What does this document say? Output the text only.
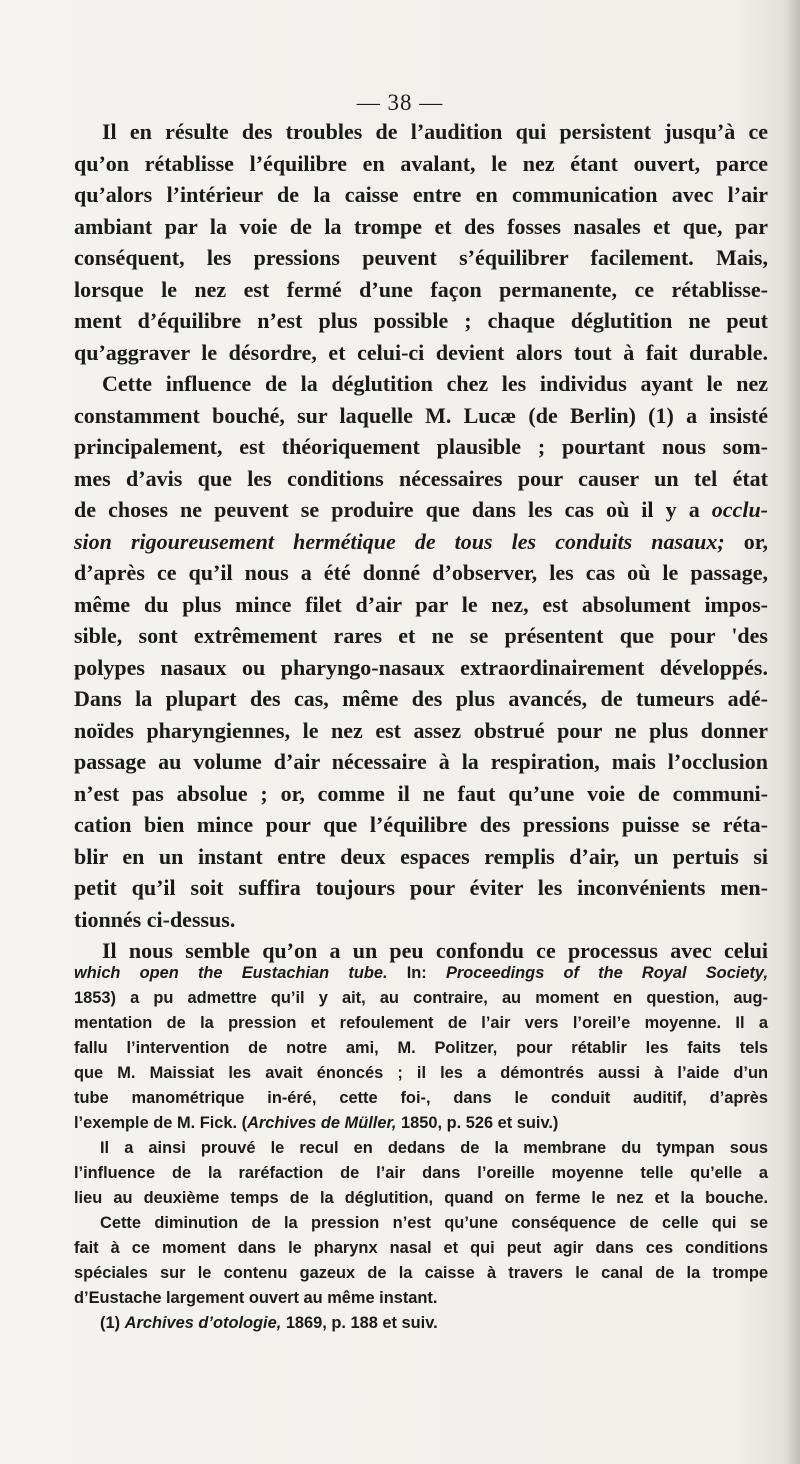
— 38 —
Il en résulte des troubles de l’audition qui persistent jusqu’à ce
qu’on rétablisse l’équilibre en avalant, le nez étant ouvert, parce
qu’alors l’intérieur de la caisse entre en communication avec l’air
ambiant par la voie de la trompe et des fosses nasales et que, par
conséquent, les pressions peuvent s’équilibrer facilement. Mais,
lorsque le nez est fermé d’une façon permanente, ce rétablisse-
ment d’équilibre n’est plus possible ; chaque déglutition ne peut
qu’aggraver le désordre, et celui-ci devient alors tout à fait durable.
Cette influence de la déglutition chez les individus ayant le nez
constamment bouché, sur laquelle M. Lucæ (de Berlin) (1) a insisté
principalement, est théoriquement plausible ; pourtant nous som-
mes d’avis que les conditions nécessaires pour causer un tel état
de choses ne peuvent se produire que dans les cas où il y a occlu-
sion rigoureusement hermétique de tous les conduits nasaux; or,
d’après ce qu’il nous a été donné d’observer, les cas où le passage,
même du plus mince filet d’air par le nez, est absolument impos-
sible, sont extrêmement rares et ne se présentent que pour 'des
polypes nasaux ou pharyngo-nasaux extraordinairement développés.
Dans la plupart des cas, même des plus avancés, de tumeurs adé-
noïdes pharyngiennes, le nez est assez obstrué pour ne plus donner
passage au volume d’air nécessaire à la respiration, mais l’occlusion
n’est pas absolue ; or, comme il ne faut qu’une voie de communi-
cation bien mince pour que l’équilibre des pressions puisse se réta-
blir en un instant entre deux espaces remplis d’air, un pertuis si
petit qu’il soit suffira toujours pour éviter les inconvénients men-
tionnés ci-dessus.
Il nous semble qu’on a un peu confondu ce processus avec celui
which open the Eustachian tube. In: Proceedings of the Royal Society,
1853) a pu admettre qu’il y ait, au contraire, au moment en question, aug-
mentation de la pression et refoulement de l’air vers l’oreil’e moyenne. Il a
fallu l’intervention de notre ami, M. Politzer, pour rétablir les faits tels
que M. Maissiat les avait énoncés ; il les a démontrés aussi à l’aide d’un
tube manométrique in-éré, cette foi-, dans le conduit auditif, d’après
l’exemple de M. Fick. (Archives de Müller, 1850, p. 526 et suiv.)
Il a ainsi prouvé le recul en dedans de la membrane du tympan sous
l’influence de la raréfaction de l’air dans l’oreille moyenne telle qu’elle a
lieu au deuxième temps de la déglutition, quand on ferme le nez et la bouche.
Cette diminution de la pression n’est qu’une conséquence de celle qui se
fait à ce moment dans le pharynx nasal et qui peut agir dans ces conditions
spéciales sur le contenu gazeux de la caisse à travers le canal de la trompe
d’Eustache largement ouvert au même instant.
(1) Archives d’otologie, 1869, p. 188 et suiv.
